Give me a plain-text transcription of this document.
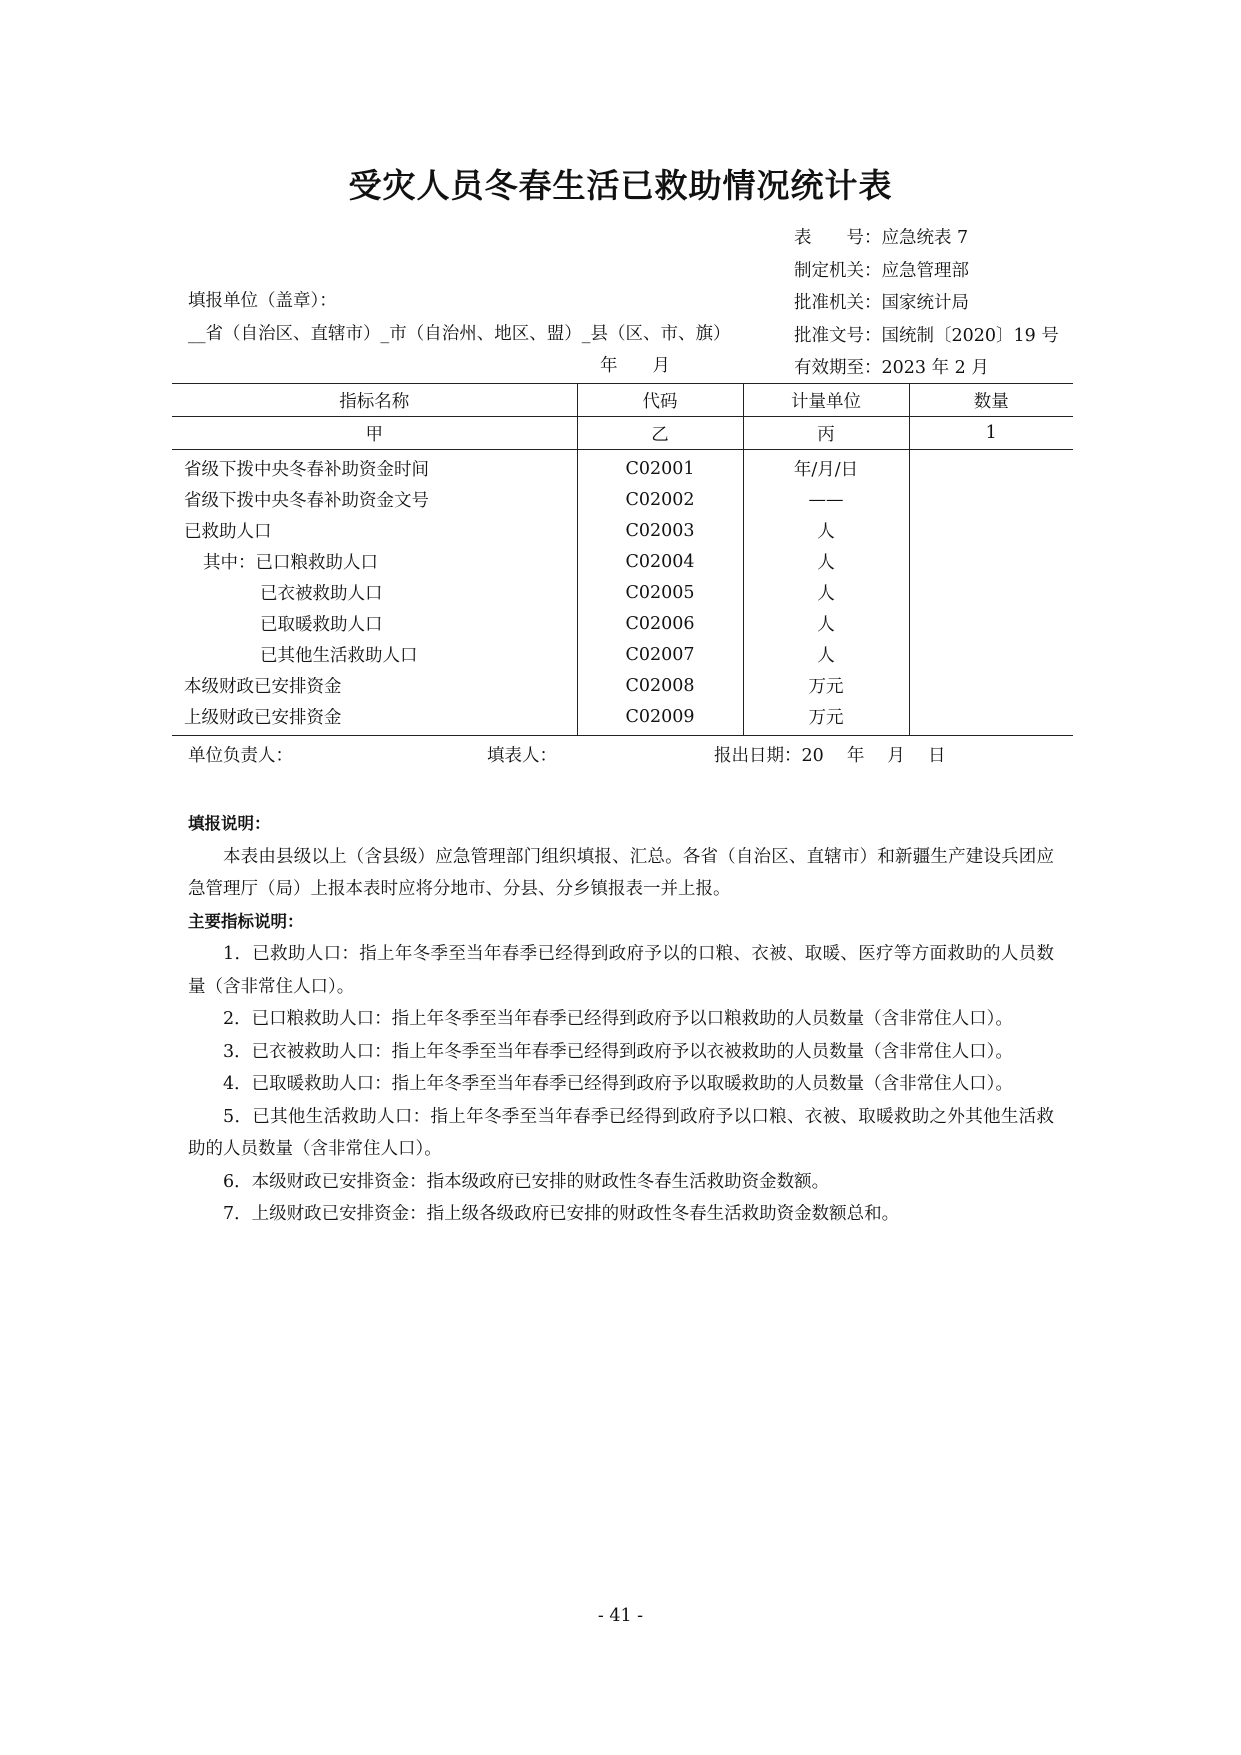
受灾人员冬春生活已救助情况统计表
表　　号：应急统表 7
制定机关：应急管理部
批准机关：国家统计局
批准文号：国统制〔2020〕19 号
有效期至：2023 年 2 月
填报单位（盖章）：
__省（自治区、直辖市）_市（自治州、地区、盟）_县（区、市、旗）
年　　月
指标名称	代码	计量单位	数量
甲	乙	丙	1
省级下拨中央冬春补助资金时间	C02001	年/月/日	
省级下拨中央冬春补助资金文号	C02002	——	
已救助人口	C02003	人	
其中：已口粮救助人口	C02004	人	
已衣被救助人口	C02005	人	
已取暖救助人口	C02006	人	
已其他生活救助人口	C02007	人	
本级财政已安排资金	C02008	万元	
上级财政已安排资金	C02009	万元	
单位负责人：	填表人：	报出日期：20　 年　 月　 日
填报说明：

本表由县级以上（含县级）应急管理部门组织填报、汇总。各省（自治区、直辖市）和新疆生产建设兵团应急管理厅（局）上报本表时应将分地市、分县、分乡镇报表一并上报。

主要指标说明：

1．已救助人口：指上年冬季至当年春季已经得到政府予以的口粮、衣被、取暖、医疗等方面救助的人员数量（含非常住人口）。

2．已口粮救助人口：指上年冬季至当年春季已经得到政府予以口粮救助的人员数量（含非常住人口）。

3．已衣被救助人口：指上年冬季至当年春季已经得到政府予以衣被救助的人员数量（含非常住人口）。

4．已取暖救助人口：指上年冬季至当年春季已经得到政府予以取暖救助的人员数量（含非常住人口）。

5．已其他生活救助人口：指上年冬季至当年春季已经得到政府予以口粮、衣被、取暖救助之外其他生活救助的人员数量（含非常住人口）。

6．本级财政已安排资金：指本级政府已安排的财政性冬春生活救助资金数额。

7．上级财政已安排资金：指上级各级政府已安排的财政性冬春生活救助资金数额总和。

- 41 -
